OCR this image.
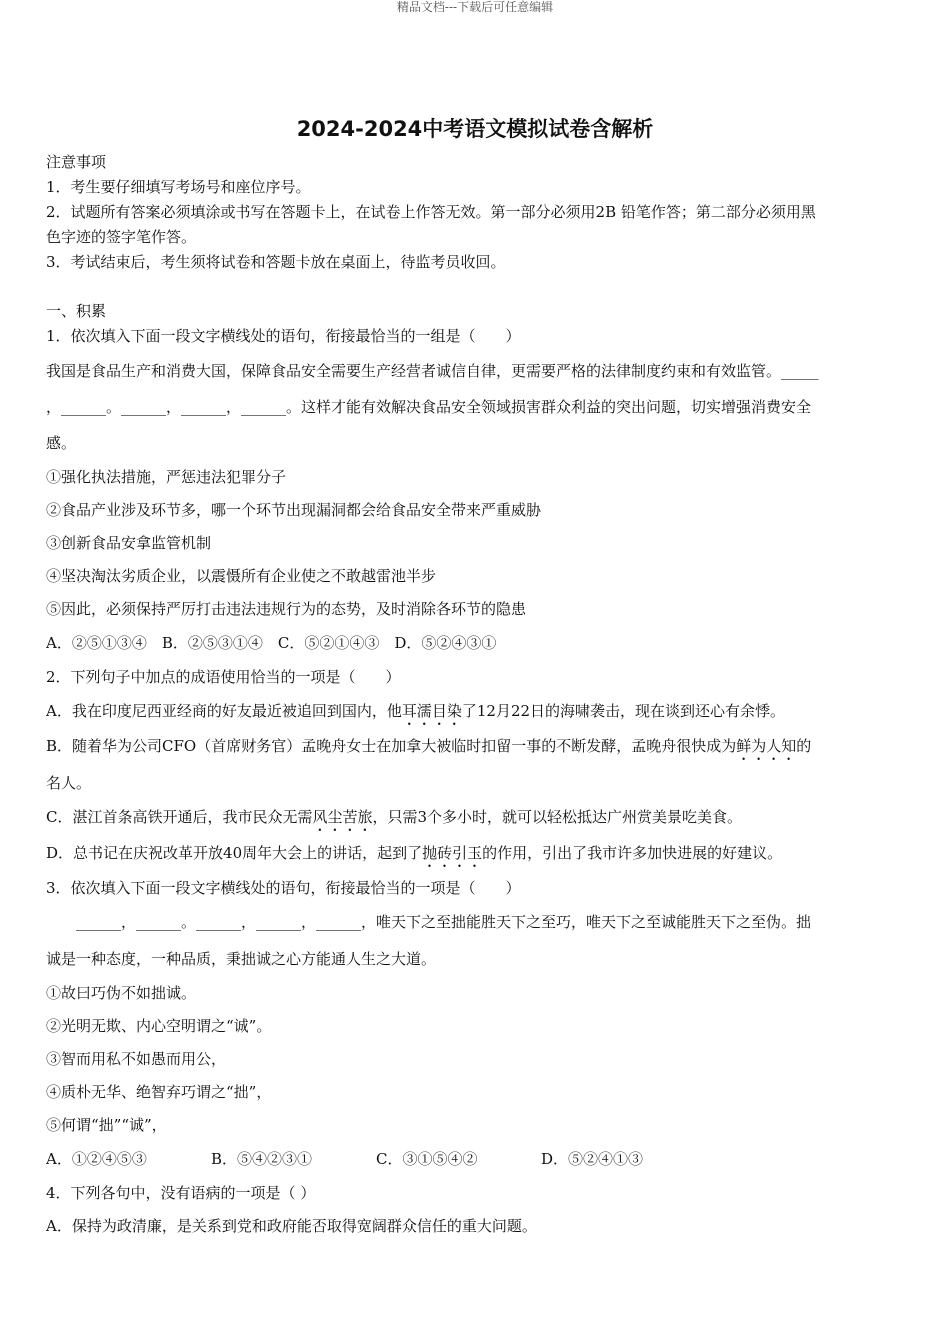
精品文档---下载后可任意编辑
2024-2024中考语文模拟试卷含解析
注意事项
1．考生要仔细填写考场号和座位序号。
2．试题所有答案必须填涂或书写在答题卡上，在试卷上作答无效。第一部分必须用2B 铅笔作答；第二部分必须用黑
色字迹的签字笔作答。
3．考试结束后，考生须将试卷和答题卡放在桌面上，待监考员收回。
一、积累
1．依次填入下面一段文字横线处的语句，衔接最恰当的一组是（　　）
我国是食品生产和消费大国，保障食品安全需要生产经营者诚信自律，更需要严格的法律制度约束和有效监管。_____
，______。______，______，______。这样才能有效解决食品安全领域损害群众利益的突出问题，切实增强消费安全
感。
①强化执法措施，严惩违法犯罪分子
②食品产业涉及环节多，哪一个环节出现漏洞都会给食品安全带来严重威胁
③创新食品安拿监管机制
④坚决淘汰劣质企业，以震慑所有企业使之不敢越雷池半步
⑤因此，必须保持严厉打击违法违规行为的态势，及时消除各环节的隐患
A．②⑤①③④　B．②⑤③①④　C．⑤②①④③　D．⑤②④③①
2．下列句子中加点的成语使用恰当的一项是（　　）
A．我在印度尼西亚经商的好友最近被追回到国内，他耳濡目染了12月22日的海啸袭击，现在谈到还心有余悸。
B．随着华为公司CFO（首席财务官）孟晚舟女士在加拿大被临时扣留一事的不断发酵，孟晚舟很快成为鲜为人知的
名人。
C．湛江首条高铁开通后，我市民众无需风尘苦旅，只需3个多小时，就可以轻松抵达广州赏美景吃美食。
D．总书记在庆祝改革开放40周年大会上的讲话，起到了抛砖引玉的作用，引出了我市许多加快进展的好建议。
3．依次填入下面一段文字横线处的语句，衔接最恰当的一项是（　　）
　　______，______。______，______，______，唯天下之至拙能胜天下之至巧，唯天下之至诚能胜天下之至伪。拙
诚是一种态度，一种品质，秉拙诚之心方能通人生之大道。
①故曰巧伪不如拙诚。
②光明无欺、内心空明谓之“诚”。
③智而用私不如愚而用公，
④质朴无华、绝智弃巧谓之“拙”，
⑤何谓“拙”“诚”，
A．①②④⑤③	B．⑤④②③①	C．③①⑤④②	D．⑤②④①③
4．下列各句中，没有语病的一项是（ ）
A．保持为政清廉，是关系到党和政府能否取得宽阔群众信任的重大问题。
